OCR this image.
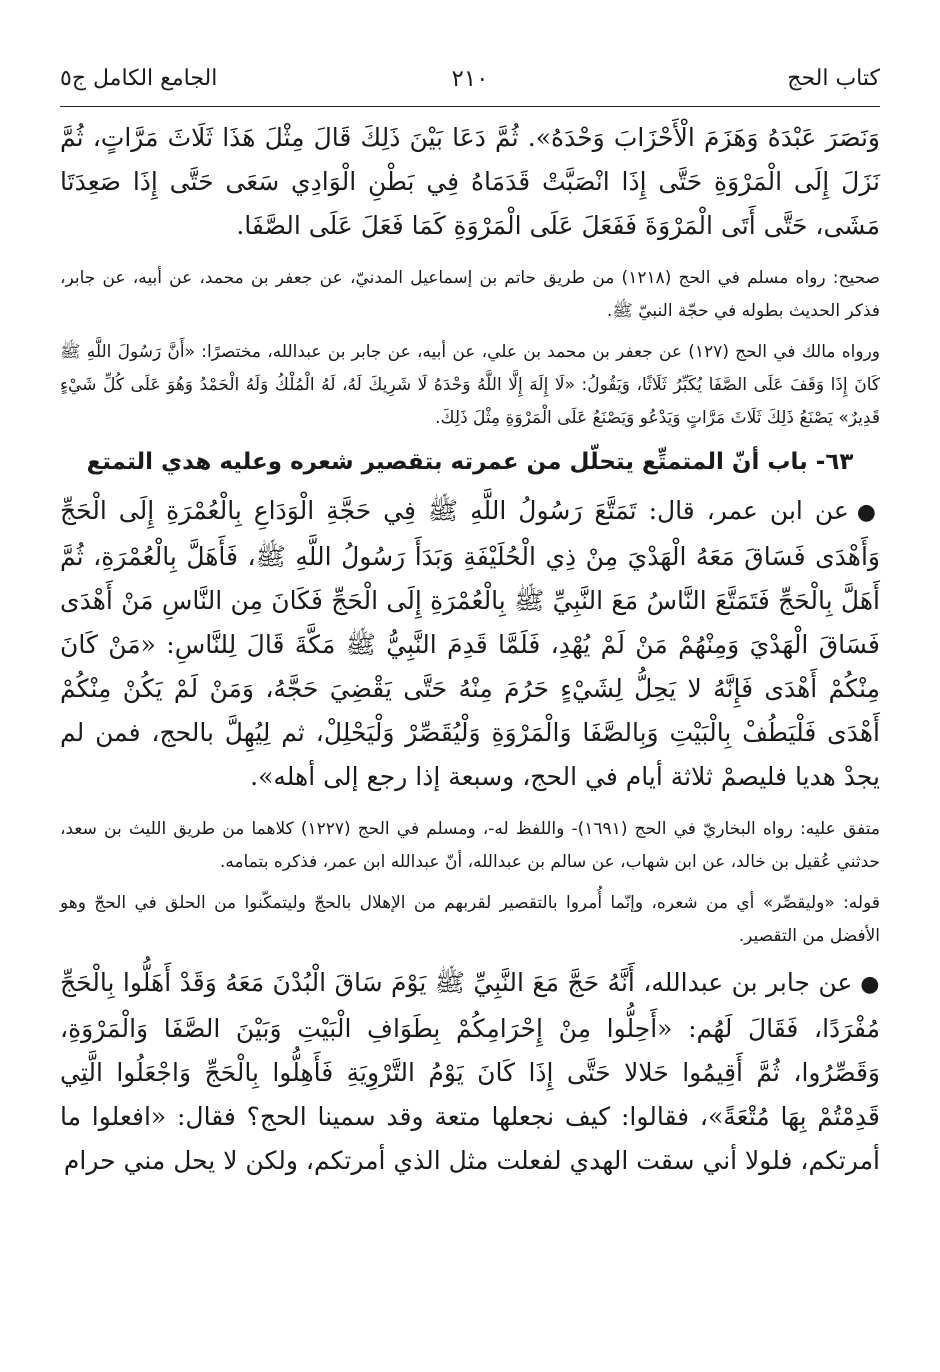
كتاب الحج
٢١٠
الجامع الكامل ج٥

وَنَصَرَ عَبْدَهُ وَهَزَمَ الْأَحْزَابَ وَحْدَهُ». ثُمَّ دَعَا بَيْنَ ذَلِكَ قَالَ مِثْلَ هَذَا ثَلَاثَ مَرَّاتٍ، ثُمَّ نَزَلَ إِلَى الْمَرْوَةِ حَتَّى إِذَا انْصَبَّتْ قَدَمَاهُ فِي بَطْنِ الْوَادِي سَعَى حَتَّى إِذَا صَعِدَتَا مَشَى، حَتَّى أَتَى الْمَرْوَةَ فَفَعَلَ عَلَى الْمَرْوَةِ كَمَا فَعَلَ عَلَى الصَّفَا.

صحيح: رواه مسلم في الحج (١٢١٨) من طريق حاتم بن إسماعيل المدنيّ، عن جعفر بن محمد، عن أبيه، عن جابر، فذكر الحديث بطوله في حجّة النبيّ ﷺ.

ورواه مالك في الحج (١٢٧) عن جعفر بن محمد بن علي، عن أبيه، عن جابر بن عبدالله، مختصرًا: «أَنَّ رَسُولَ اللَّهِ ﷺ كَانَ إِذَا وَقَفَ عَلَى الصَّفَا يُكَبِّرُ ثَلَاثًا، وَيَقُولُ: «لَا إِلَهَ إِلَّا اللَّهُ وَحْدَهُ لَا شَرِيكَ لَهُ، لَهُ الْمُلْكُ وَلَهُ الْحَمْدُ وَهُوَ عَلَى كُلِّ شَيْءٍ قَدِيرٌ» يَصْنَعُ ذَلِكَ ثَلَاثَ مَرَّاتٍ وَيَدْعُو وَيَصْنَعُ عَلَى الْمَرْوَةِ مِثْلَ ذَلِكَ.

٦٣- باب أنّ المتمتِّع يتحلّل من عمرته بتقصير شعره وعليه هدي التمتع

●عن ابن عمر، قال: تَمَتَّعَ رَسُولُ اللَّهِ ﷺ فِي حَجَّةِ الْوَدَاعِ بِالْعُمْرَةِ إِلَى الْحَجِّ وَأَهْدَى فَسَاقَ مَعَهُ الْهَدْيَ مِنْ ذِي الْحُلَيْفَةِ وَبَدَأَ رَسُولُ اللَّهِ ﷺ، فَأَهَلَّ بِالْعُمْرَةِ، ثُمَّ أَهَلَّ بِالْحَجِّ فَتَمَتَّعَ النَّاسُ مَعَ النَّبِيِّ ﷺ بِالْعُمْرَةِ إِلَى الْحَجِّ فَكَانَ مِن النَّاسِ مَنْ أَهْدَى فَسَاقَ الْهَدْيَ وَمِنْهُمْ مَنْ لَمْ يُهْدِ، فَلَمَّا قَدِمَ النَّبِيُّ ﷺ مَكَّةَ قَالَ لِلنَّاسِ: «مَنْ كَانَ مِنْكُمْ أَهْدَى فَإِنَّهُ لا يَحِلُّ لِشَيْءٍ حَرُمَ مِنْهُ حَتَّى يَقْضِيَ حَجَّهُ، وَمَنْ لَمْ يَكُنْ مِنْكُمْ أَهْدَى فَلْيَطُفْ بِالْبَيْتِ وَبِالصَّفَا وَالْمَرْوَةِ وَلْيُقَصِّرْ وَلْيَحْلِلْ، ثم لِيُهِلَّ بالحج، فمن لم يجدْ هديا فليصمْ ثلاثة أيام في الحج، وسبعة إذا رجع إلى أهله».

متفق عليه: رواه البخاريّ في الحج (١٦٩١)- واللفظ له-، ومسلم في الحج (١٢٢٧) كلاهما من طريق الليث بن سعد، حدثني عُقيل بن خالد، عن ابن شهاب، عن سالم بن عبدالله، أنّ عبدالله ابن عمر، فذكره بتمامه.

قوله: «وليقصِّر» أي من شعره، وإنّما أُمروا بالتقصير لقربهم من الإهلال بالحجّ وليتمكّنوا من الحلق في الحجّ وهو الأفضل من التقصير.

●عن جابر بن عبدالله، أَنَّهُ حَجَّ مَعَ النَّبِيِّ ﷺ يَوْمَ سَاقَ الْبُدْنَ مَعَهُ وَقَدْ أَهَلُّوا بِالْحَجِّ مُفْرَدًا، فَقَالَ لَهُم: «أَحِلُّوا مِنْ إِحْرَامِكُمْ بِطَوَافِ الْبَيْتِ وَبَيْنَ الصَّفَا وَالْمَرْوَةِ، وَقَصِّرُوا، ثُمَّ أَقِيمُوا حَلالا حَتَّى إِذَا كَانَ يَوْمُ التَّرْوِيَةِ فَأَهِلُّوا بِالْحَجِّ وَاجْعَلُوا الَّتِي قَدِمْتُمْ بِهَا مُتْعَةً»، فقالوا: كيف نجعلها متعة وقد سمينا الحج؟ فقال: «افعلوا ما أمرتكم، فلولا أني سقت الهدي لفعلت مثل الذي أمرتكم، ولكن لا يحل مني حرام
